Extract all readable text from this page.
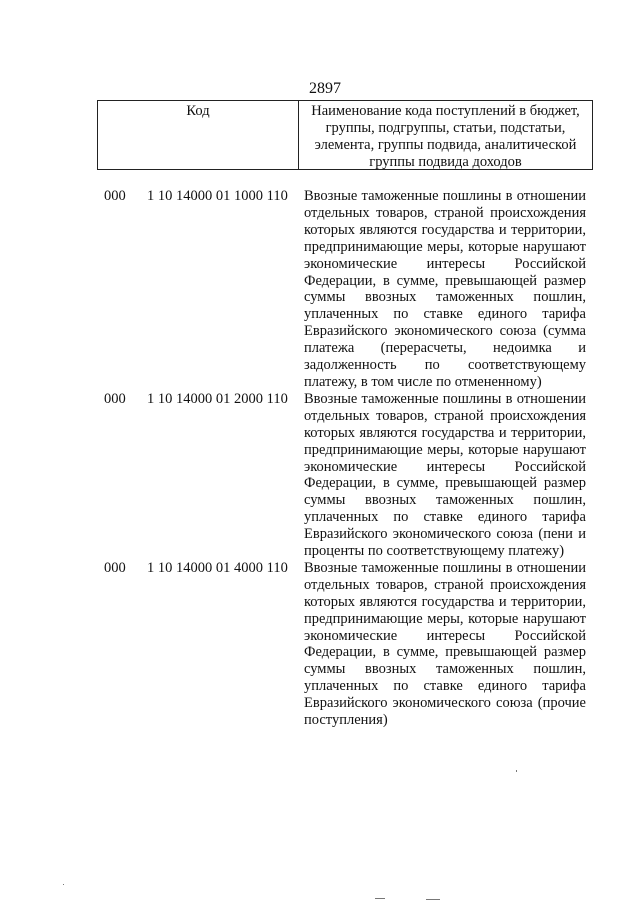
2897
Код	Наименование кода поступлений в бюджет, группы, подгруппы, статьи, подстатьи, элемента, группы подвида, аналитической группы подвида доходов
000 1 10 14000 01 1000 110 Ввозные таможенные пошлины в отношении
отдельных товаров, страной происхождения
которых являются государства и территории,
предпринимающие меры, которые нарушают
экономические интересы Российской
Федерации, в сумме, превышающей размер
суммы ввозных таможенных пошлин,
уплаченных по ставке единого тарифа
Евразийского экономического союза (сумма
платежа (перерасчеты, недоимка и
задолженность по соответствующему
платежу, в том числе по отмененному)
000 1 10 14000 01 2000 110 Ввозные таможенные пошлины в отношении
отдельных товаров, страной происхождения
которых являются государства и территории,
предпринимающие меры, которые нарушают
экономические интересы Российской
Федерации, в сумме, превышающей размер
суммы ввозных таможенных пошлин,
уплаченных по ставке единого тарифа
Евразийского экономического союза (пени и
проценты по соответствующему платежу)
000 1 10 14000 01 4000 110 Ввозные таможенные пошлины в отношении
отдельных товаров, страной происхождения
которых являются государства и территории,
предпринимающие меры, которые нарушают
экономические интересы Российской
Федерации, в сумме, превышающей размер
суммы ввозных таможенных пошлин,
уплаченных по ставке единого тарифа
Евразийского экономического союза (прочие
поступления)
